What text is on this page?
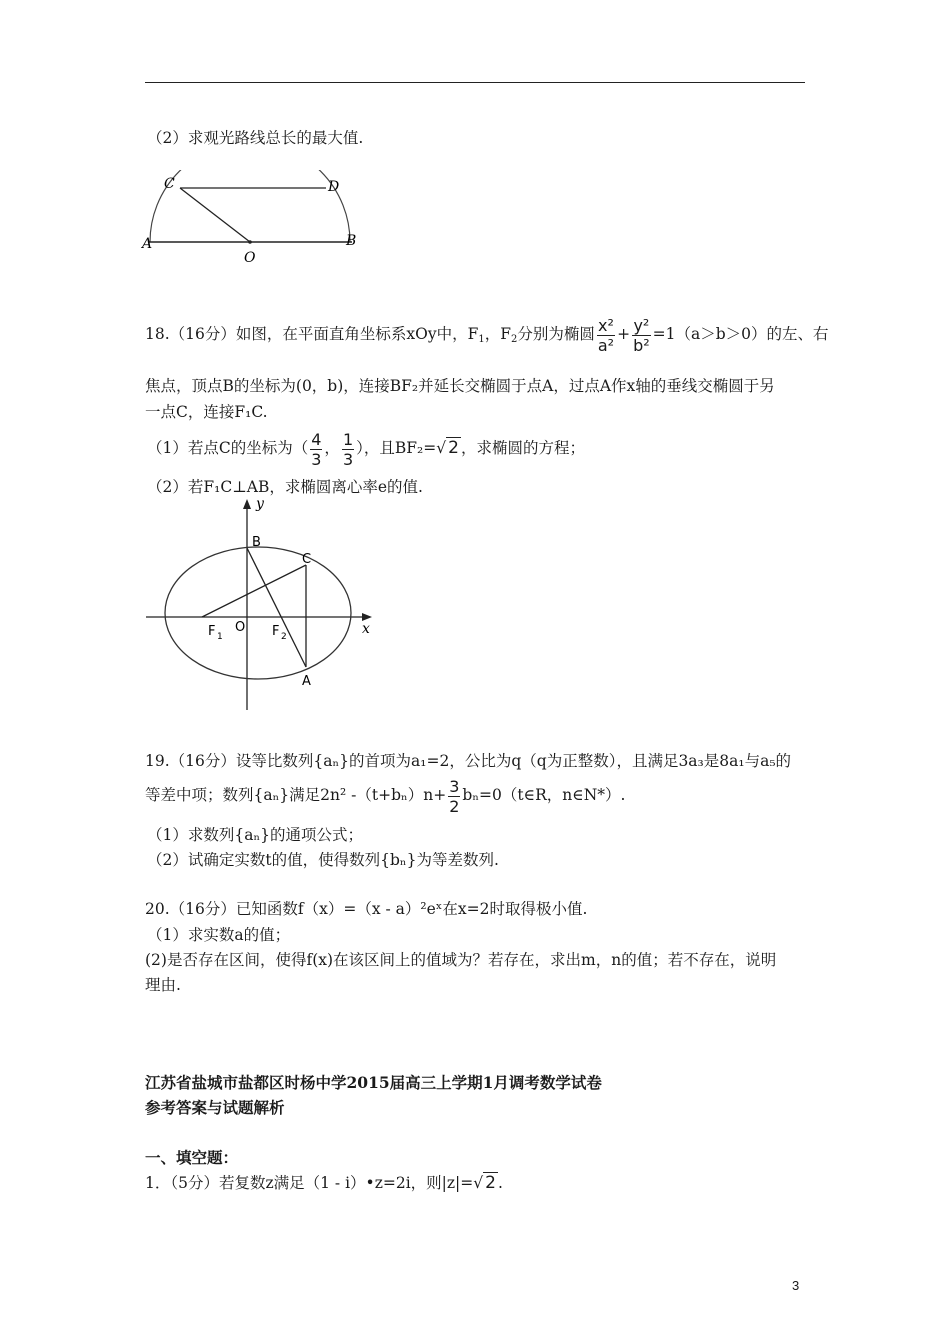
（2）求观光路线总长的最大值.
C	D
A	B
O
18.（16分）如图，在平面直角坐标系xOy中，$F_1$，$F_2$分别为椭圆 $\frac{\text{x²}}{\text{a²}} + \frac{\text{y²}}{\text{b²}} =1(a>b>0)$的左、右
焦点，顶点B的坐标为(0，b)，连接BF₂并延长交椭圆于点A，过点A作x轴的垂线交椭圆于另
一点C，连接F₁C.
（1）若点C的坐标为（ $\frac{4}{3}$ ， $\frac{1}{3}$ ），且BF₂=√ 2 ，求椭圆的方程；
（2）若F₁C⊥AB，求椭圆离心率e的值.
y
x
B
C
O
F 1	F 2
A
19.（16分）设等比数列{aₙ}的首项为a₁=2，公比为q（q为正整数），且满足3a₃是8a₁与a₅的
等差中项；数列{aₙ}满足2n² $-(t+b_n)n+ \frac{3}{2}$ bₙ=0（t∈R，n∈N*）.
（1）求数列{aₙ}的通项公式；
（2）试确定实数t的值，使得数列{bₙ}为等差数列.
20.（16分）已知函数f（x）=（x - a）²eˣ在x=2时取得极小值.
（1）求实数a的值；
(2)是否存在区间，使得f(x)在该区间上的值域为？若存在，求出m，n的值；若不存在，说明
理由.
江苏省盐城市盐都区时杨中学2015届高三上学期1月调考数学试卷
参考答案与试题解析
一、填空题：
1．（5分）若复数z满足（1 - i）•z=2i，则|z|=√ 2 .
3
